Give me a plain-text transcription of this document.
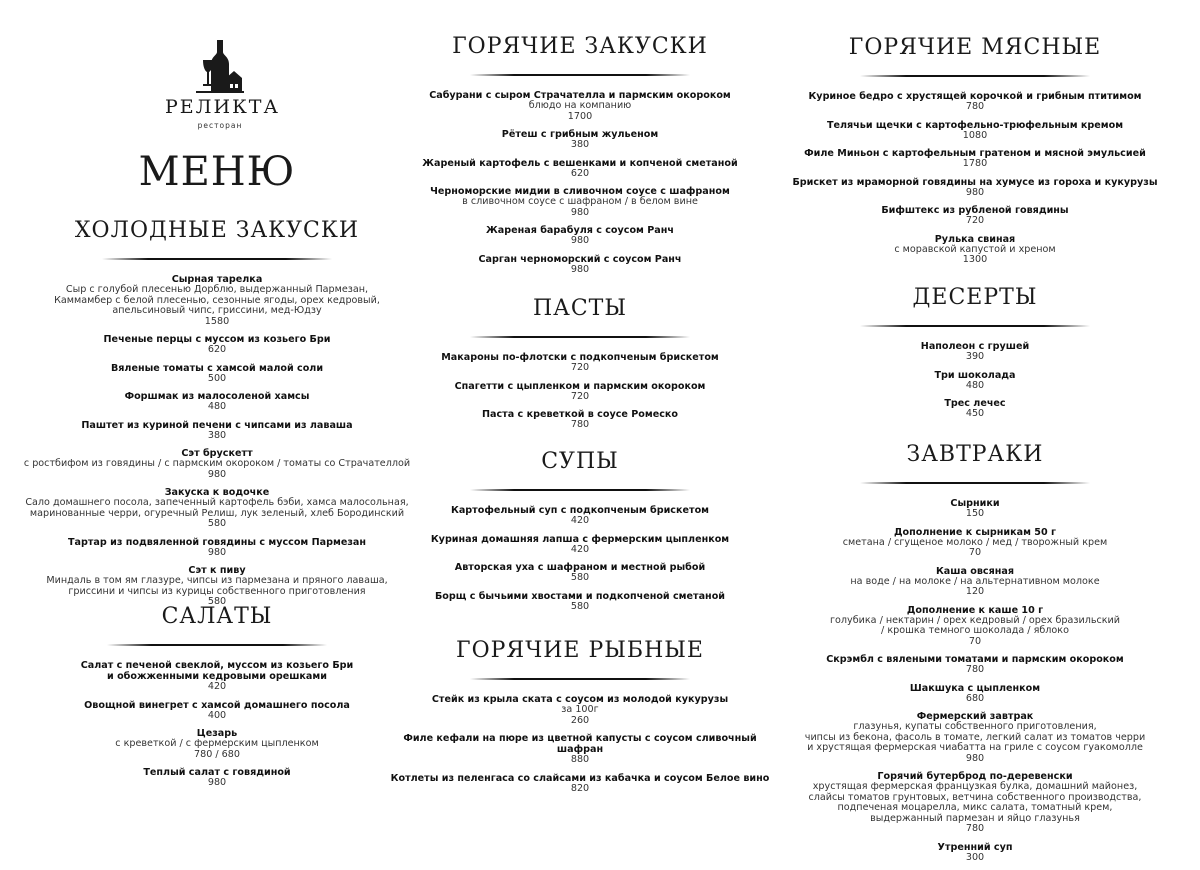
РЕЛИКТА
ресторан
МЕНЮ
ХОЛОДНЫЕ ЗАКУСКИ
Сырная тарелка
Сыр с голубой плесенью Дорблю, выдержанный Пармезан,
Каммамбер с белой плесенью, сезонные ягоды, орех кедровый,
апельсиновый чипс, гриссини, мед-Юдзу
1580
Печеные перцы с муссом из козьего Бри
620
Вяленые томаты с хамсой малой соли
500
Форшмак из малосоленой хамсы
480
Паштет из куриной печени с чипсами из лаваша
380
Сэт брускетт
с ростбифом из говядины / с пармским окороком / томаты со Страчателлой
980
Закуска к водочке
Сало домашнего посола, запеченный картофель бэби, хамса малосольная,
маринованные черри, огуречный Релиш, лук зеленый, хлеб Бородинский
580
Тартар из подвяленной говядины с муссом Пармезан
980
Сэт к пиву
Миндаль в том ям глазуре, чипсы из пармезана и пряного лаваша,
гриссини и чипсы из курицы собственного приготовления
580
САЛАТЫ
Салат с печеной свеклой, муссом из козьего Бри
и обожженными кедровыми орешками
420
Овощной винегрет с хамсой домашнего посола
400
Цезарь
с креветкой / с фермерским цыпленком
780 / 680
Теплый салат с говядиной
980
ГОРЯЧИЕ ЗАКУСКИ
Сабурани с сыром Страчателла и пармским окороком
блюдо на компанию
1700
Рётеш с грибным жульеном
380
Жареный картофель с вешенками и копченой сметаной
620
Черноморские мидии в сливочном соусе с шафраном
в сливочном соусе с шафраном / в белом вине
980
Жареная барабуля с соусом Ранч
980
Сарган черноморский с соусом Ранч
980
ПАСТЫ
Макароны по-флотски с подкопченым брискетом
720
Спагетти с цыпленком и пармским окороком
720
Паста с креветкой в соусе Ромеско
780
СУПЫ
Картофельный суп с подкопченым брискетом
420
Куриная домашняя лапша с фермерским цыпленком
420
Авторская уха с шафраном и местной рыбой
580
Борщ с бычьими хвостами и подкопченой сметаной
580
ГОРЯЧИЕ РЫБНЫЕ
Стейк из крыла ската с соусом из молодой кукурузы
за 100г
260
Филе кефали на пюре из цветной капусты с соусом сливочный шафран
880
Котлеты из пеленгаса со слайсами из кабачка и соусом Белое вино
820
ГОРЯЧИЕ МЯСНЫЕ
Куриное бедро с хрустящей корочкой и грибным птитимом
780
Телячьи щечки с картофельно-трюфельным кремом
1080
Филе Миньон с картофельным гратеном и мясной эмульсией
1780
Брискет из мраморной говядины на хумусе из гороха и кукурузы
980
Бифштекс из рубленой говядины
720
Рулька свиная
с моравской капустой и хреном
1300
ДЕСЕРТЫ
Наполеон с грушей
390
Три шоколада
480
Трес лечес
450
ЗАВТРАКИ
Сырники
150
Дополнение к сырникам 50 г
сметана / сгущеное молоко / мед / творожный крем
70
Каша овсяная
на воде / на молоке / на альтернативном молоке
120
Дополнение к каше 10 г
голубика / нектарин / орех кедровый / орех бразильский
/ крошка темного шоколада / яблоко
70
Скрэмбл с вялеными томатами и пармским окороком
780
Шакшука с цыпленком
680
Фермерский завтрак
глазунья, купаты собственного приготовления,
чипсы из бекона, фасоль в томате, легкий салат из томатов черри
и хрустящая фермерская чиабатта на гриле с соусом гуакомолле
980
Горячий бутерброд по-деревенски
хрустящая фермерская французкая булка, домашний майонез,
слайсы томатов грунтовых, ветчина собственного производства,
подпеченая моцарелла, микс салата, томатный крем,
выдержанный пармезан и яйцо глазунья
780
Утренний суп
300
